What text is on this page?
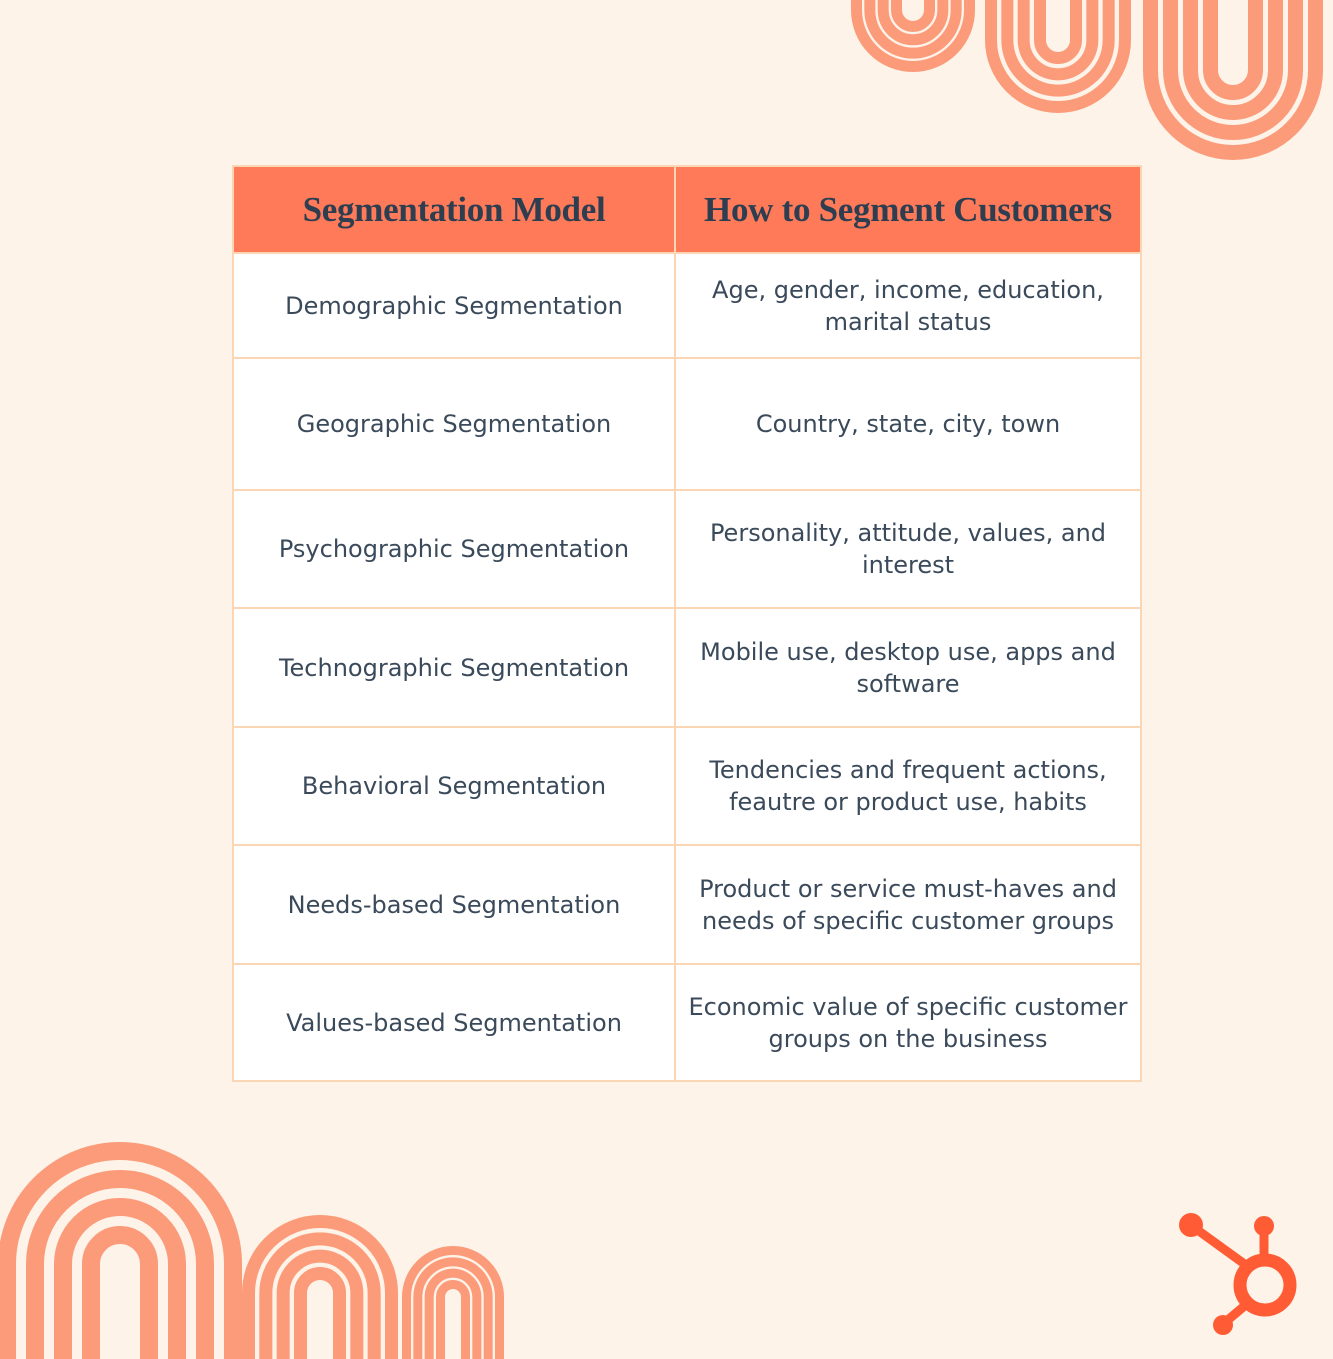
Segmentation Model	How to Segment Customers
Demographic Segmentation	Age, gender, income, education, marital status
Geographic Segmentation	Country, state, city, town
Psychographic Segmentation	Personality, attitude, values, and interest
Technographic Segmentation	Mobile use, desktop use, apps and software
Behavioral Segmentation	Tendencies and frequent actions, feautre or product use, habits
Needs-based Segmentation	Product or service must-haves and needs of specific customer groups
Values-based Segmentation	Economic value of specific customer groups on the business
